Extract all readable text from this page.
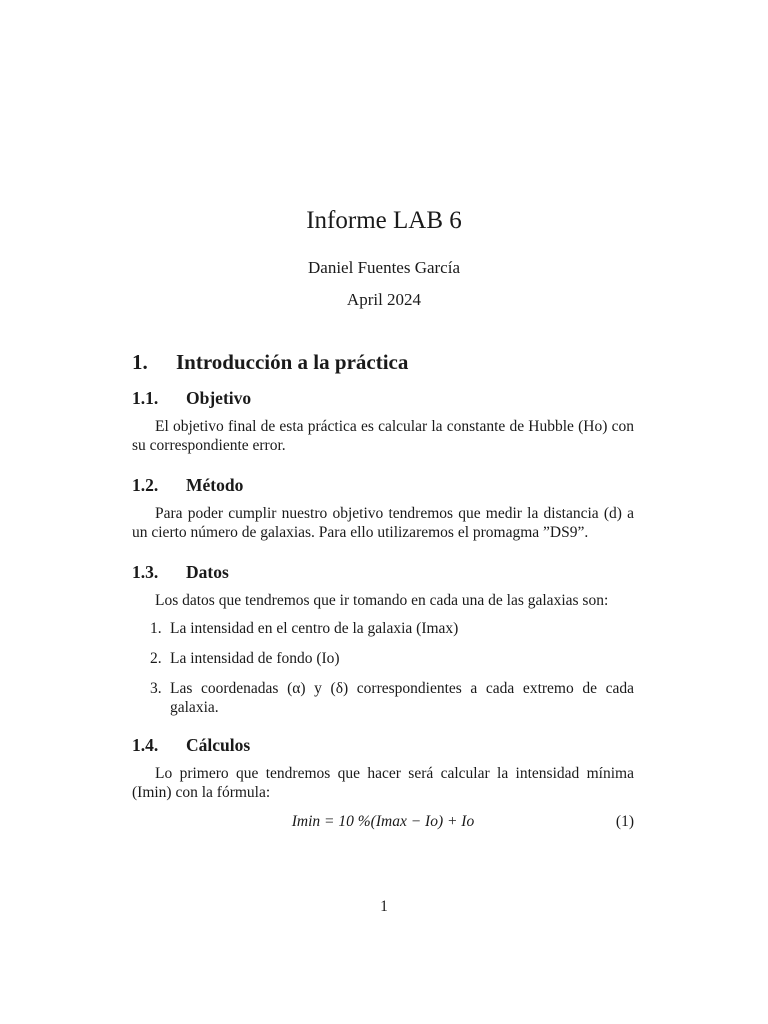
Informe LAB 6
Daniel Fuentes García
April 2024
1. Introducción a la práctica
1.1. Objetivo

El objetivo final de esta práctica es calcular la constante de Hubble (Ho) con su correspondiente error.

1.2. Método

Para poder cumplir nuestro objetivo tendremos que medir la distancia (d) a un cierto número de galaxias. Para ello utilizaremos el promagma ”DS9”.

1.3. Datos

Los datos que tendremos que ir tomando en cada una de las galaxias son:

1. La intensidad en el centro de la galaxia (Imax)
2. La intensidad de fondo (Io)
3. Las coordenadas (α) y (δ) correspondientes a cada extremo de cada galaxia.
1.4. Cálculos

Lo primero que tendremos que hacer será calcular la intensidad mínima (Imin) con la fórmula:

Imin = 10 %(Imax − Io) + Io	(1)
1
